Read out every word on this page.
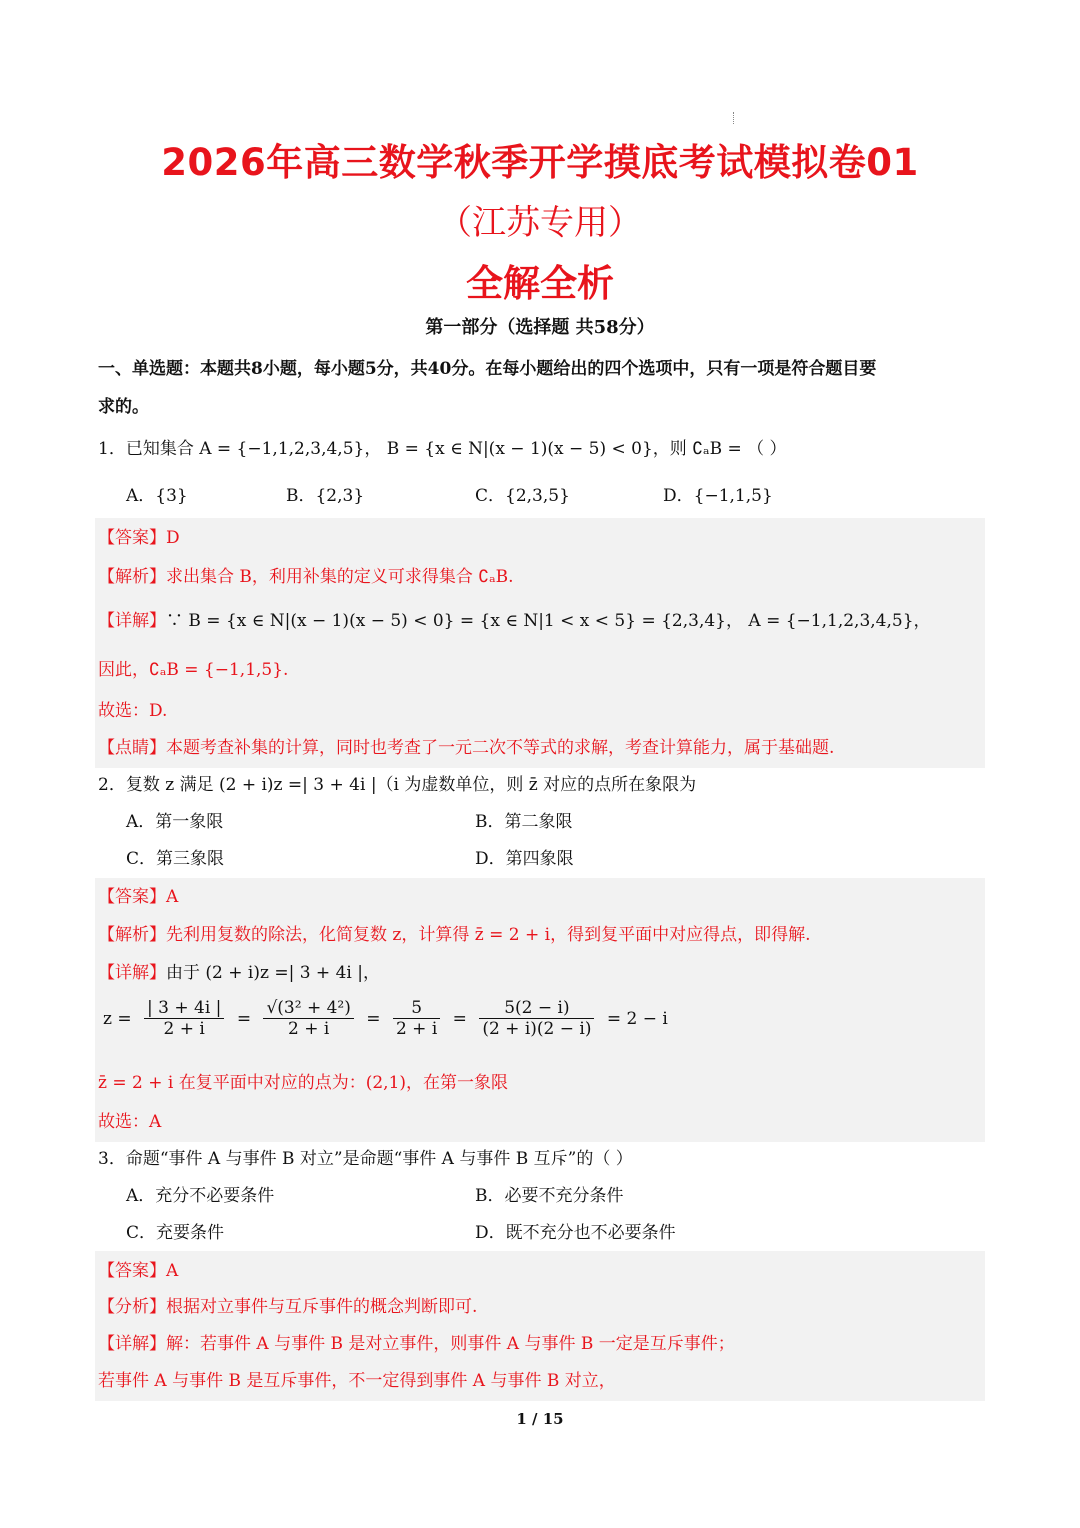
2026年高三数学秋季开学摸底考试模拟卷01
（江苏专用）
全解全析
第一部分（选择题 共58分）
一、单选题：本题共8小题，每小题5分，共40分。在每小题给出的四个选项中，只有一项是符合题目要
求的。
1．已知集合 A = {−1,1,2,3,4,5}， B = {x ∈ N|(x − 1)(x − 5) < 0}，则 ∁ₐB = （ ）
A．{3}	B．{2,3}	C．{2,3,5}	D．{−1,1,5}
【答案】D
【解析】求出集合 B，利用补集的定义可求得集合 ∁ₐB.
【详解】∵ B = {x ∈ N|(x − 1)(x − 5) < 0} = {x ∈ N|1 < x < 5} = {2,3,4}， A = {−1,1,2,3,4,5}，
因此，∁ₐB = {−1,1,5}.
故选：D.
【点睛】本题考查补集的计算，同时也考查了一元二次不等式的求解，考查计算能力，属于基础题.
2．复数 z 满足 (2 + i)z =| 3 + 4i |（i 为虚数单位，则 z̄ 对应的点所在象限为
A．第一象限	B．第二象限
C．第三象限	D．第四象限
【答案】A
【解析】先利用复数的除法，化简复数 z，计算得 z̄ = 2 + i，得到复平面中对应得点，即得解.
【详解】由于 (2 + i)z =| 3 + 4i |，
$z = \frac{| 3 + 4i |}{2 + i} = \frac{\text{√(3² + 4²)}}{2 + i} = \frac{5}{2 + i} = \frac{5(2 - i)}{(2 + i)(2 - i)} = 2 - i$
z̄ = 2 + i 在复平面中对应的点为：(2,1)，在第一象限
故选：A
3．命题“事件 A 与事件 B 对立”是命题“事件 A 与事件 B 互斥”的（ ）
A．充分不必要条件	B．必要不充分条件
C．充要条件	D．既不充分也不必要条件
【答案】A
【分析】根据对立事件与互斥事件的概念判断即可.
【详解】解：若事件 A 与事件 B 是对立事件，则事件 A 与事件 B 一定是互斥事件；
若事件 A 与事件 B 是互斥事件，不一定得到事件 A 与事件 B 对立，
1 / 15
